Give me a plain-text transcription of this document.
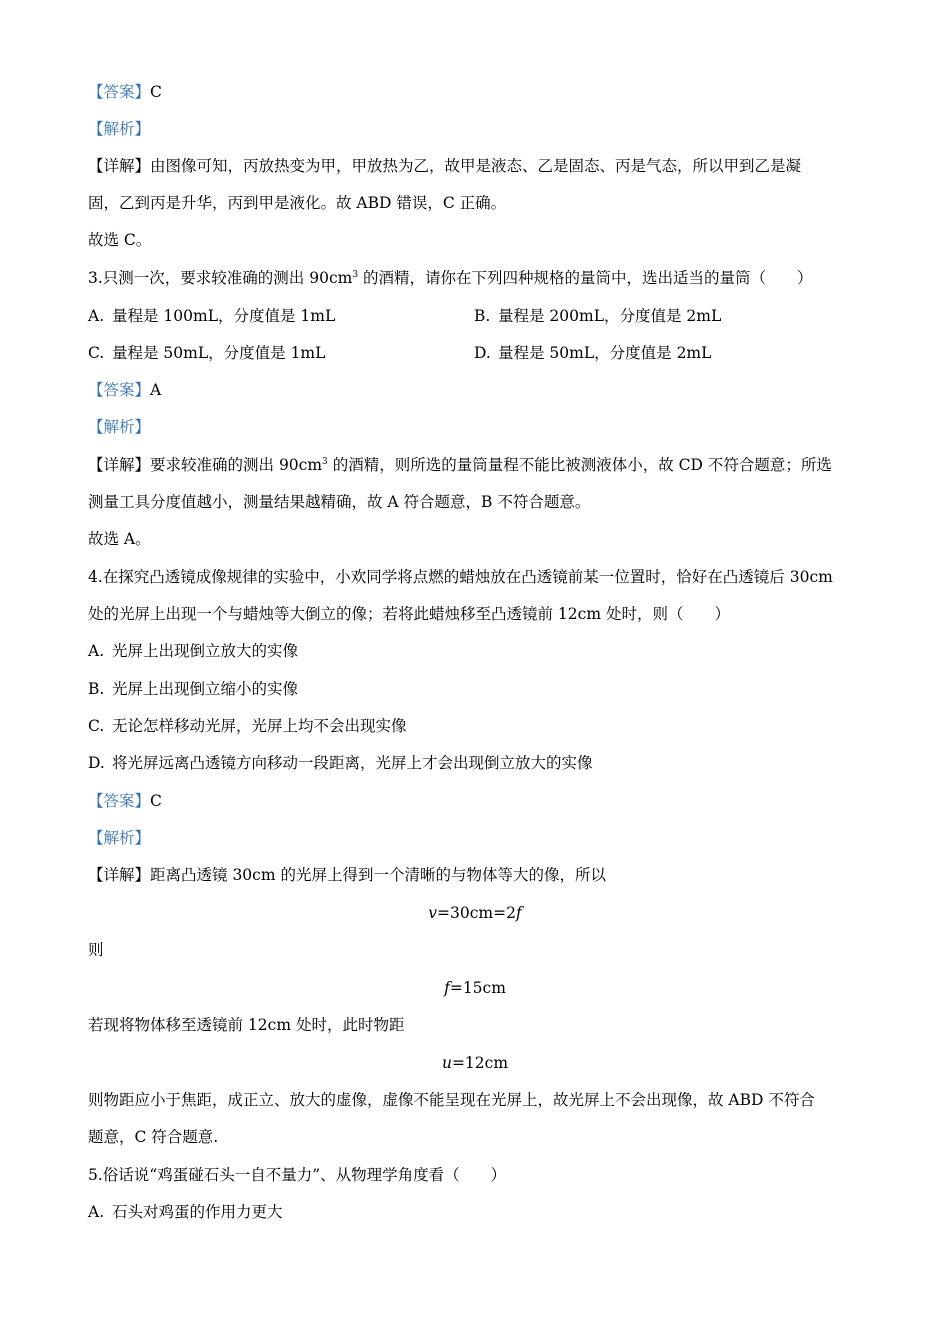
【答案】C
【解析】
【详解】由图像可知，丙放热变为甲，甲放热为乙，故甲是液态、乙是固态、丙是气态，所以甲到乙是凝
固，乙到丙是升华，丙到甲是液化。故 ABD 错误，C 正确。
故选 C。
3.只测一次，要求较准确的测出 $90cm^3$ 的酒精，请你在下列四种规格的量筒中，选出适当的量筒（　　）
A. 量程是 100mL，分度值是 1mL	B. 量程是 200mL，分度值是 2mL
C. 量程是 50mL，分度值是 1mL	D. 量程是 50mL，分度值是 2mL
【答案】A
【解析】
【详解】要求较准确的测出 $90cm^3$ 的酒精，则所选的量筒量程不能比被测液体小，故 CD 不符合题意；所选
测量工具分度值越小，测量结果越精确，故 A 符合题意，B 不符合题意。
故选 A。
4.在探究凸透镜成像规律的实验中，小欢同学将点燃的蜡烛放在凸透镜前某一位置时，恰好在凸透镜后 30cm
处的光屏上出现一个与蜡烛等大倒立的像；若将此蜡烛移至凸透镜前 12cm 处时，则（　　）
A. 光屏上出现倒立放大的实像
B. 光屏上出现倒立缩小的实像
C. 无论怎样移动光屏，光屏上均不会出现实像
D. 将光屏远离凸透镜方向移动一段距离，光屏上才会出现倒立放大的实像
【答案】C
【解析】
【详解】距离凸透镜 30cm 的光屏上得到一个清晰的与物体等大的像，所以
v=30cm=2f
则
f=15cm
若现将物体移至透镜前 12cm 处时，此时物距
u=12cm
则物距应小于焦距，成正立、放大的虚像，虚像不能呈现在光屏上，故光屏上不会出现像，故 ABD 不符合
题意，C 符合题意.
5.俗话说“鸡蛋碰石头一自不量力”、从物理学角度看（　　）
A. 石头对鸡蛋的作用力更大
